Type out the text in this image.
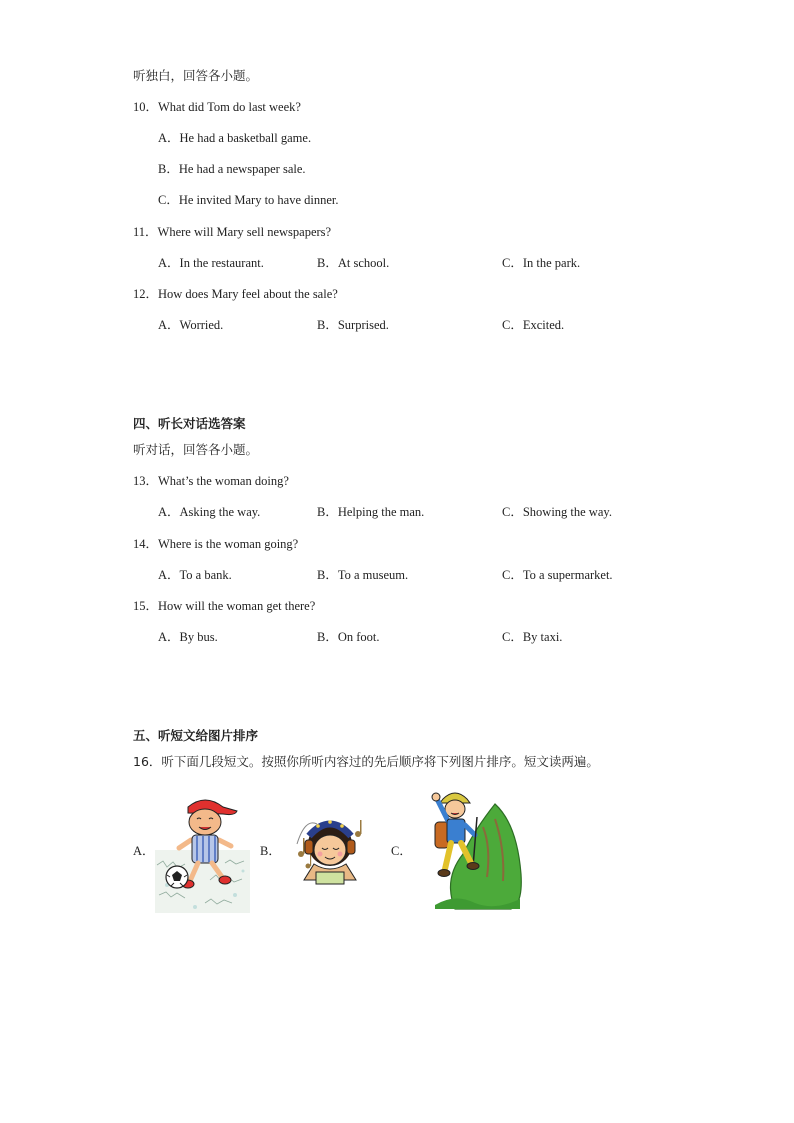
听独白，回答各小题。
10．What did Tom do last week?
A．He had a basketball game.
B．He had a newspaper sale.
C．He invited Mary to have dinner.
11．Where will Mary sell newspapers?
A．In the restaurant.	B．At school.	C．In the park.
12．How does Mary feel about the sale?
A．Worried.	B．Surprised.	C．Excited.
四、听长对话选答案
听对话，回答各小题。
13．What’s the woman doing?
A．Asking the way.	B．Helping the man.	C．Showing the way.
14．Where is the woman going?
A．To a bank.	B．To a museum.	C．To a supermarket.
15．How will the woman get there?
A．By bus.	B．On foot.	C．By taxi.
五、听短文给图片排序
16．听下面几段短文。按照你所听内容过的先后顺序将下列图片排序。短文读两遍。
A．	B．	C．
